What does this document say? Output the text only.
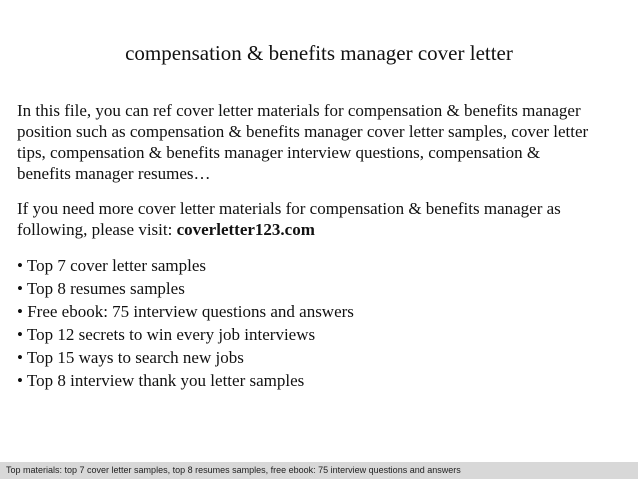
compensation & benefits manager cover letter

In this file, you can ref cover letter materials for compensation & benefits manager
position such as compensation & benefits manager cover letter samples, cover letter
tips, compensation & benefits manager interview questions, compensation &
benefits manager resumes…

If you need more cover letter materials for compensation & benefits manager as
following, please visit: coverletter123.com

• Top 7 cover letter samples
• Top 8 resumes samples
• Free ebook: 75 interview questions and answers
• Top 12 secrets to win every job interviews
• Top 15 ways to search new jobs
• Top 8 interview thank you letter samples
Top materials: top 7 cover letter samples, top 8 resumes samples, free ebook: 75 interview questions and answers
